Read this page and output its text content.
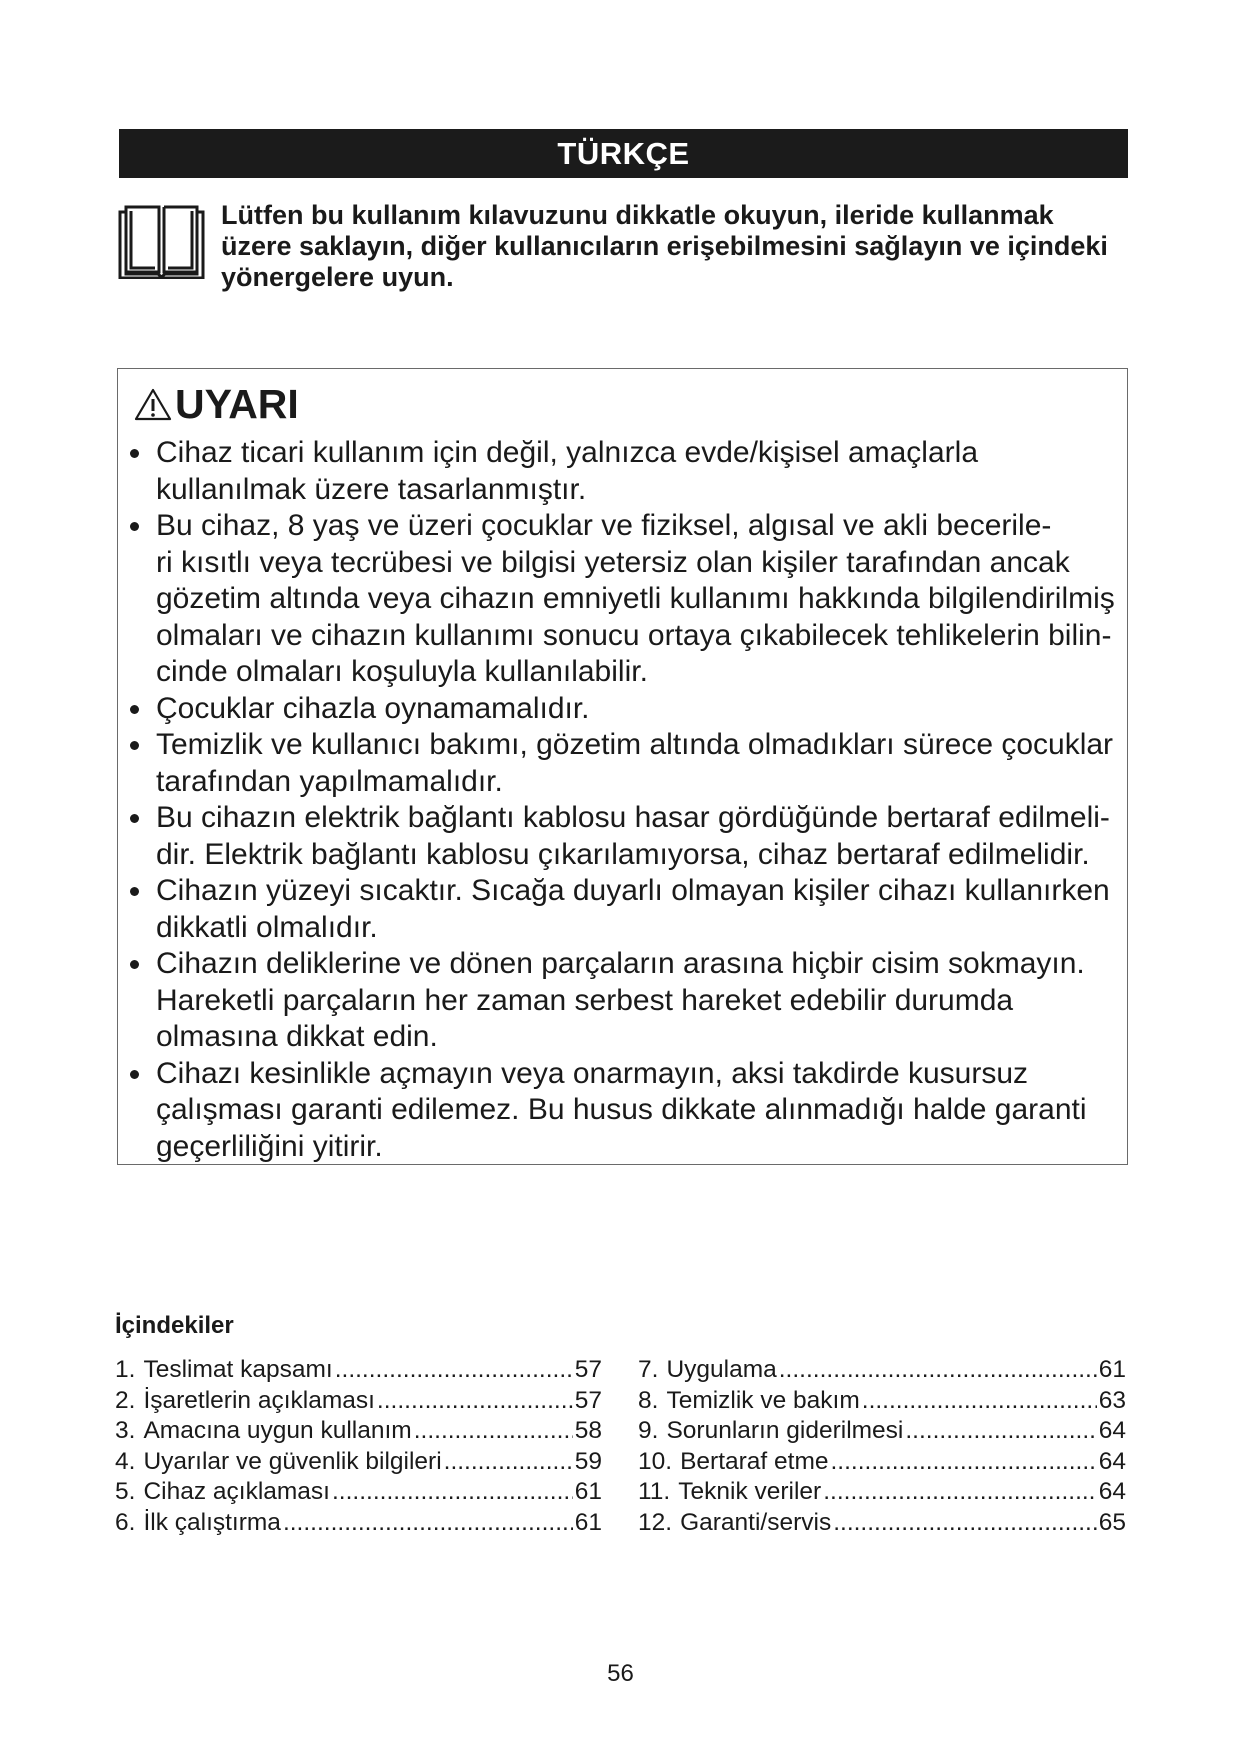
TÜRKÇE
Lütfen bu kullanım kılavuzunu dikkatle okuyun, ileride kullanmak
üzere saklayın, diğer kullanıcıların erişebilmesini sağlayın ve içindeki
yönergelere uyun.
UYARI
Cihaz ticari kullanım için değil, yalnızca evde/kişisel amaçlarla
kullanılmak üzere tasarlanmıştır.
Bu cihaz, 8 yaş ve üzeri çocuklar ve fiziksel, algısal ve akli becerile-
ri kısıtlı veya tecrübesi ve bilgisi yetersiz olan kişiler tarafından ancak
gözetim altında veya cihazın emniyetli kullanımı hakkında bilgilendirilmiş
olmaları ve cihazın kullanımı sonucu ortaya çıkabilecek tehlikelerin bilin-
cinde olmaları koşuluyla kullanılabilir.
Çocuklar cihazla oynamamalıdır.
Temizlik ve kullanıcı bakımı, gözetim altında olmadıkları sürece çocuklar
tarafından yapılmamalıdır.
Bu cihazın elektrik bağlantı kablosu hasar gördüğünde bertaraf edilmeli-
dir. Elektrik bağlantı kablosu çıkarılamıyorsa, cihaz bertaraf edilmelidir.
Cihazın yüzeyi sıcaktır. Sıcağa duyarlı olmayan kişiler cihazı kullanırken
dikkatli olmalıdır.
Cihazın deliklerine ve dönen parçaların arasına hiçbir cisim sokmayın.
Hareketli parçaların her zaman serbest hareket edebilir durumda
olmasına dikkat edin.
Cihazı kesinlikle açmayın veya onarmayın, aksi takdirde kusursuz
çalışması garanti edilemez. Bu husus dikkate alınmadığı halde garanti
geçerliliğini yitirir.
İçindekiler
1. Teslimat kapsamı .....	57
2. İşaretlerin açıklaması .....	57
3. Amacına uygun kullanım .....	58
4. Uyarılar ve güvenlik bilgileri .....	59
5. Cihaz açıklaması .....	61
6. İlk çalıştırma .....	61
7. Uygulama .....	61
8. Temizlik ve bakım .....	63
9. Sorunların giderilmesi .....	64
10. Bertaraf etme .....	64
11. Teknik veriler .....	64
12. Garanti/servis .....	65
56
